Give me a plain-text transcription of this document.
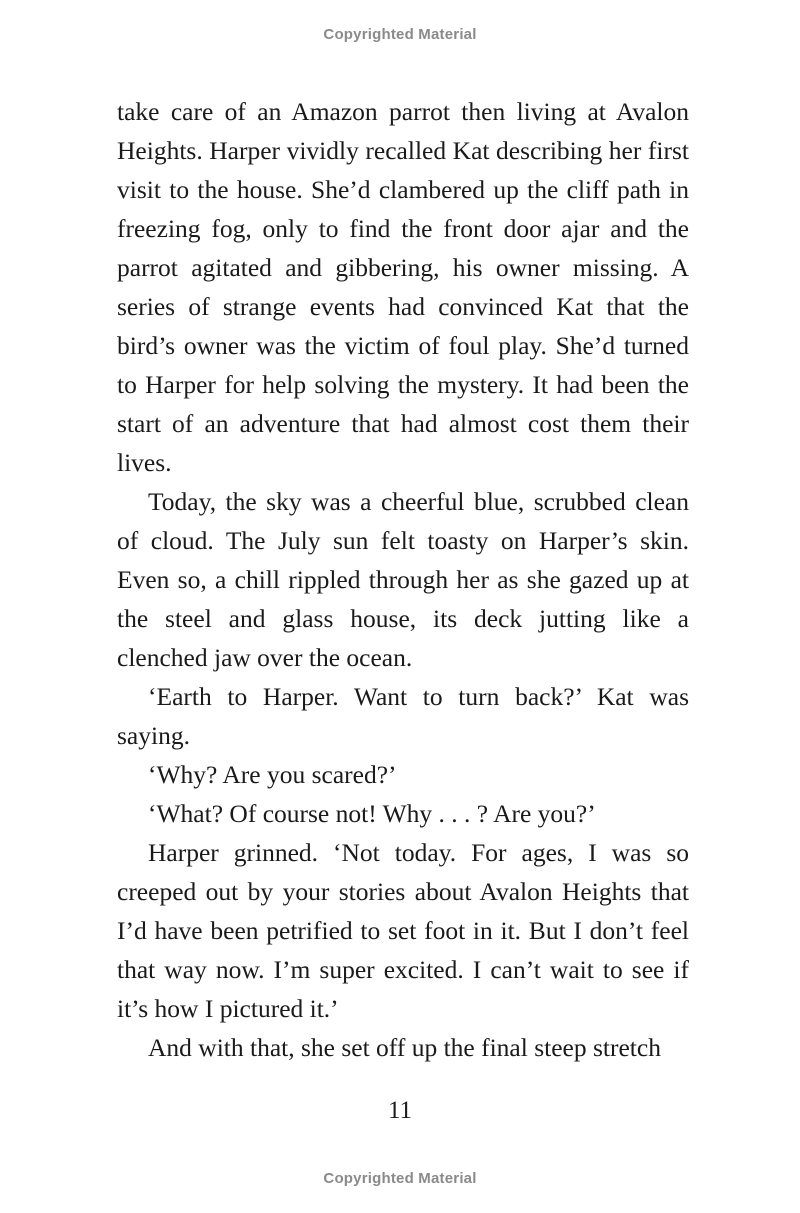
Copyrighted Material

take care of an Amazon parrot then living at Avalon Heights. Harper vividly recalled Kat describing her first visit to the house. She’d clambered up the cliff path in freezing fog, only to find the front door ajar and the parrot agitated and gibbering, his owner missing. A series of strange events had convinced Kat that the bird’s owner was the victim of foul play. She’d turned to Harper for help solving the mystery. It had been the start of an adventure that had almost cost them their lives.

Today, the sky was a cheerful blue, scrubbed clean of cloud. The July sun felt toasty on Harper’s skin. Even so, a chill rippled through her as she gazed up at the steel and glass house, its deck jutting like a clenched jaw over the ocean.

‘Earth to Harper. Want to turn back?’ Kat was saying.

‘Why? Are you scared?’

‘What? Of course not! Why . . . ? Are you?’

Harper grinned. ‘Not today. For ages, I was so creeped out by your stories about Avalon Heights that I’d have been petrified to set foot in it. But I don’t feel that way now. I’m super excited. I can’t wait to see if it’s how I pictured it.’

And with that, she set off up the final steep stretch

11
Copyrighted Material
